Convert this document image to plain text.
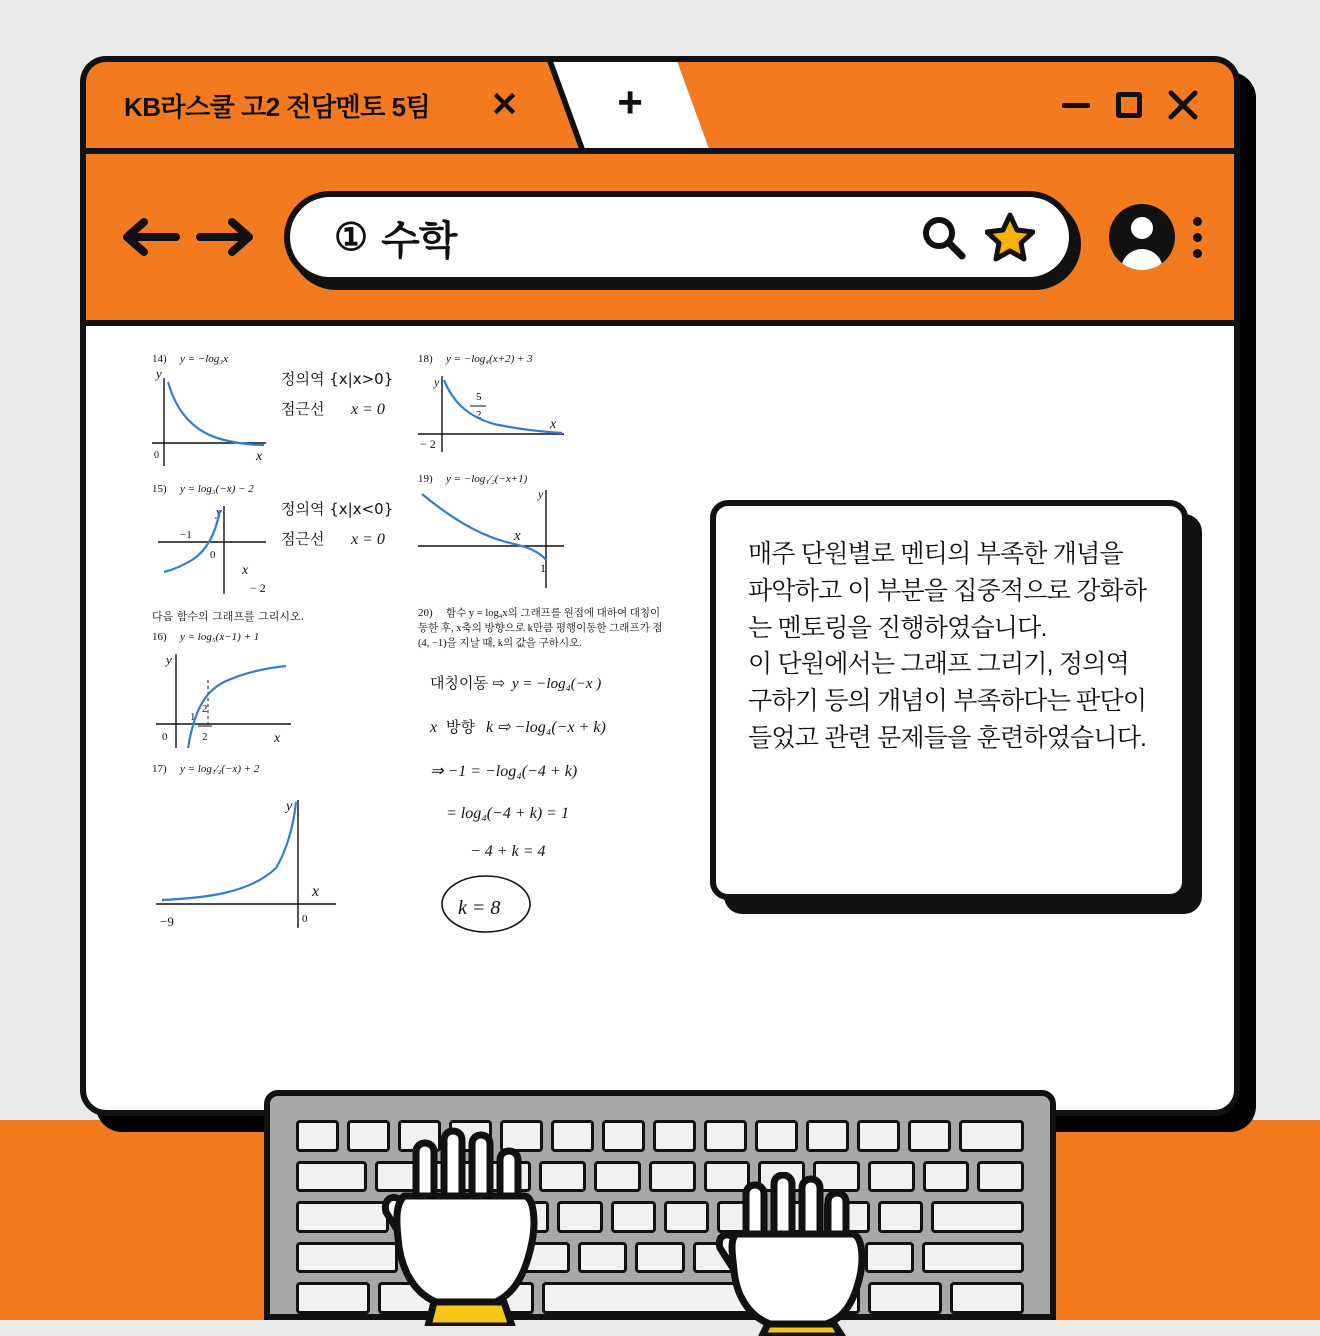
KB라스쿨 고2 전담멘토 5팀 ✕ +
① 수학
14) y = −log₃x
y
x
0
정의역 {x|x>0}
점근선 x = 0
15) y = log₃(−x) − 2
y
x
−1
0
− 2
정의역 {x|x<0}
점근선 x = 0
다음 함수의 그래프를 그리시오.
16) y = log₅(x−1) + 1
y
x
0
1
2
2
17) y = log₁⁄₂(−x) + 2
y
x
0
−9
18) y = −log₄(x+2) + 3
y
x
− 2
5
2
19) y = −log₁⁄₂(−x+1)
y
x
1
20) 함수 y = log₄x의 그래프를 원점에 대하여 대칭이
동한 후, x축의 방향으로 k만큼 평행이동한 그래프가 점
(4, −1)을 지날 때, k의 값을 구하시오.
대칭이동 ⇨ y = −log₄(−x )
x 방향 k ⇨ −log₄(−x + k)
⇒ −1 = −log₄(−4 + k)
= log₄(−4 + k) = 1
− 4 + k = 4
k = 8

매주 단원별로 멘티의 부족한 개념을 파악하고 이 부분을 집중적으로 강화하는 멘토링을 진행하였습니다.
이 단원에서는 그래프 그리기, 정의역 구하기 등의 개념이 부족하다는 판단이 들었고 관련 문제들을 훈련하였습니다.
